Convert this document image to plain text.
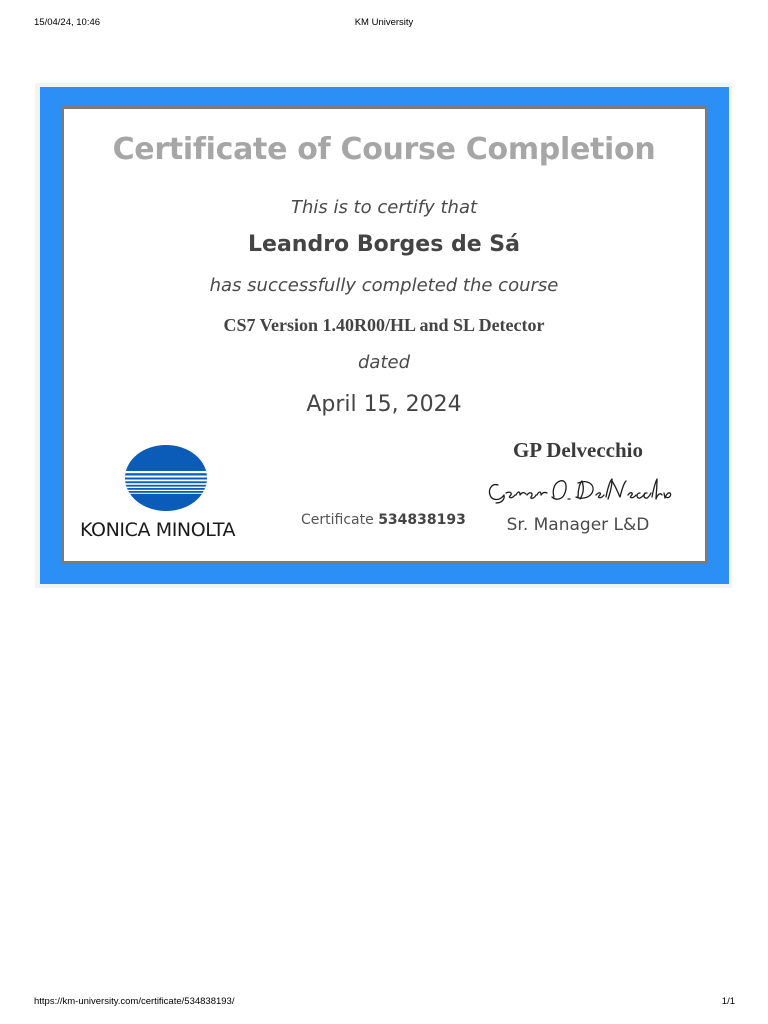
15/04/24, 10:46	KM University
Certificate of Course Completion
This is to certify that
Leandro Borges de Sá
has successfully completed the course
CS7 Version 1.40R00/HL and SL Detector
dated
April 15, 2024
KONICA MINOLTA	Certificate 534838193
GP Delvecchio
Sr. Manager L&D
https://km-university.com/certificate/534838193/	1/1
